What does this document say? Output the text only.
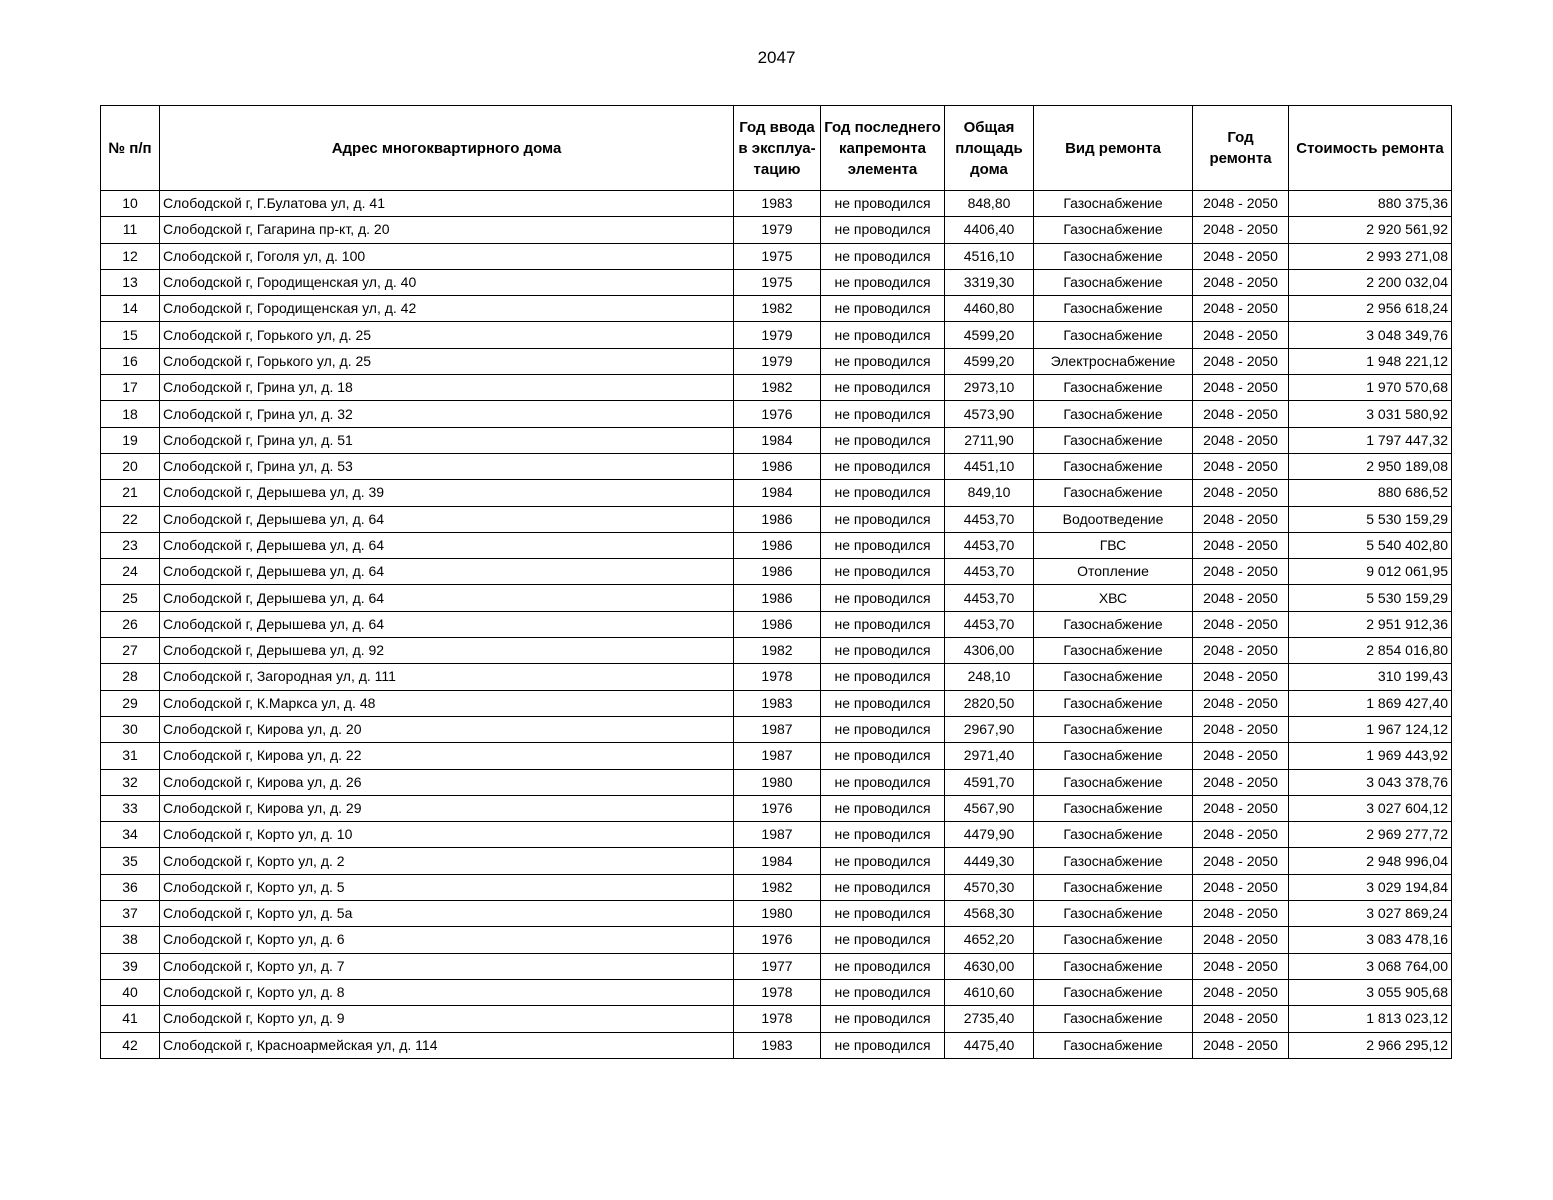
2047
№ п/п	Адрес многоквартирного дома	Год ввода в эксплуа-тацию	Год последнего капремонта элемента	Общая площадь дома	Вид ремонта	Год ремонта	Стоимость ремонта
10	Слободской г, Г.Булатова ул, д. 41	1983	не проводился	848,80	Газоснабжение	2048 - 2050	880 375,36
11	Слободской г, Гагарина пр-кт, д. 20	1979	не проводился	4406,40	Газоснабжение	2048 - 2050	2 920 561,92
12	Слободской г, Гоголя ул, д. 100	1975	не проводился	4516,10	Газоснабжение	2048 - 2050	2 993 271,08
13	Слободской г, Городищенская ул, д. 40	1975	не проводился	3319,30	Газоснабжение	2048 - 2050	2 200 032,04
14	Слободской г, Городищенская ул, д. 42	1982	не проводился	4460,80	Газоснабжение	2048 - 2050	2 956 618,24
15	Слободской г, Горького ул, д. 25	1979	не проводился	4599,20	Газоснабжение	2048 - 2050	3 048 349,76
16	Слободской г, Горького ул, д. 25	1979	не проводился	4599,20	Электроснабжение	2048 - 2050	1 948 221,12
17	Слободской г, Грина ул, д. 18	1982	не проводился	2973,10	Газоснабжение	2048 - 2050	1 970 570,68
18	Слободской г, Грина ул, д. 32	1976	не проводился	4573,90	Газоснабжение	2048 - 2050	3 031 580,92
19	Слободской г, Грина ул, д. 51	1984	не проводился	2711,90	Газоснабжение	2048 - 2050	1 797 447,32
20	Слободской г, Грина ул, д. 53	1986	не проводился	4451,10	Газоснабжение	2048 - 2050	2 950 189,08
21	Слободской г, Дерышева ул, д. 39	1984	не проводился	849,10	Газоснабжение	2048 - 2050	880 686,52
22	Слободской г, Дерышева ул, д. 64	1986	не проводился	4453,70	Водоотведение	2048 - 2050	5 530 159,29
23	Слободской г, Дерышева ул, д. 64	1986	не проводился	4453,70	ГВС	2048 - 2050	5 540 402,80
24	Слободской г, Дерышева ул, д. 64	1986	не проводился	4453,70	Отопление	2048 - 2050	9 012 061,95
25	Слободской г, Дерышева ул, д. 64	1986	не проводился	4453,70	ХВС	2048 - 2050	5 530 159,29
26	Слободской г, Дерышева ул, д. 64	1986	не проводился	4453,70	Газоснабжение	2048 - 2050	2 951 912,36
27	Слободской г, Дерышева ул, д. 92	1982	не проводился	4306,00	Газоснабжение	2048 - 2050	2 854 016,80
28	Слободской г, Загородная ул, д. 111	1978	не проводился	248,10	Газоснабжение	2048 - 2050	310 199,43
29	Слободской г, К.Маркса ул, д. 48	1983	не проводился	2820,50	Газоснабжение	2048 - 2050	1 869 427,40
30	Слободской г, Кирова ул, д. 20	1987	не проводился	2967,90	Газоснабжение	2048 - 2050	1 967 124,12
31	Слободской г, Кирова ул, д. 22	1987	не проводился	2971,40	Газоснабжение	2048 - 2050	1 969 443,92
32	Слободской г, Кирова ул, д. 26	1980	не проводился	4591,70	Газоснабжение	2048 - 2050	3 043 378,76
33	Слободской г, Кирова ул, д. 29	1976	не проводился	4567,90	Газоснабжение	2048 - 2050	3 027 604,12
34	Слободской г, Корто ул, д. 10	1987	не проводился	4479,90	Газоснабжение	2048 - 2050	2 969 277,72
35	Слободской г, Корто ул, д. 2	1984	не проводился	4449,30	Газоснабжение	2048 - 2050	2 948 996,04
36	Слободской г, Корто ул, д. 5	1982	не проводился	4570,30	Газоснабжение	2048 - 2050	3 029 194,84
37	Слободской г, Корто ул, д. 5а	1980	не проводился	4568,30	Газоснабжение	2048 - 2050	3 027 869,24
38	Слободской г, Корто ул, д. 6	1976	не проводился	4652,20	Газоснабжение	2048 - 2050	3 083 478,16
39	Слободской г, Корто ул, д. 7	1977	не проводился	4630,00	Газоснабжение	2048 - 2050	3 068 764,00
40	Слободской г, Корто ул, д. 8	1978	не проводился	4610,60	Газоснабжение	2048 - 2050	3 055 905,68
41	Слободской г, Корто ул, д. 9	1978	не проводился	2735,40	Газоснабжение	2048 - 2050	1 813 023,12
42	Слободской г, Красноармейская ул, д. 114	1983	не проводился	4475,40	Газоснабжение	2048 - 2050	2 966 295,12
